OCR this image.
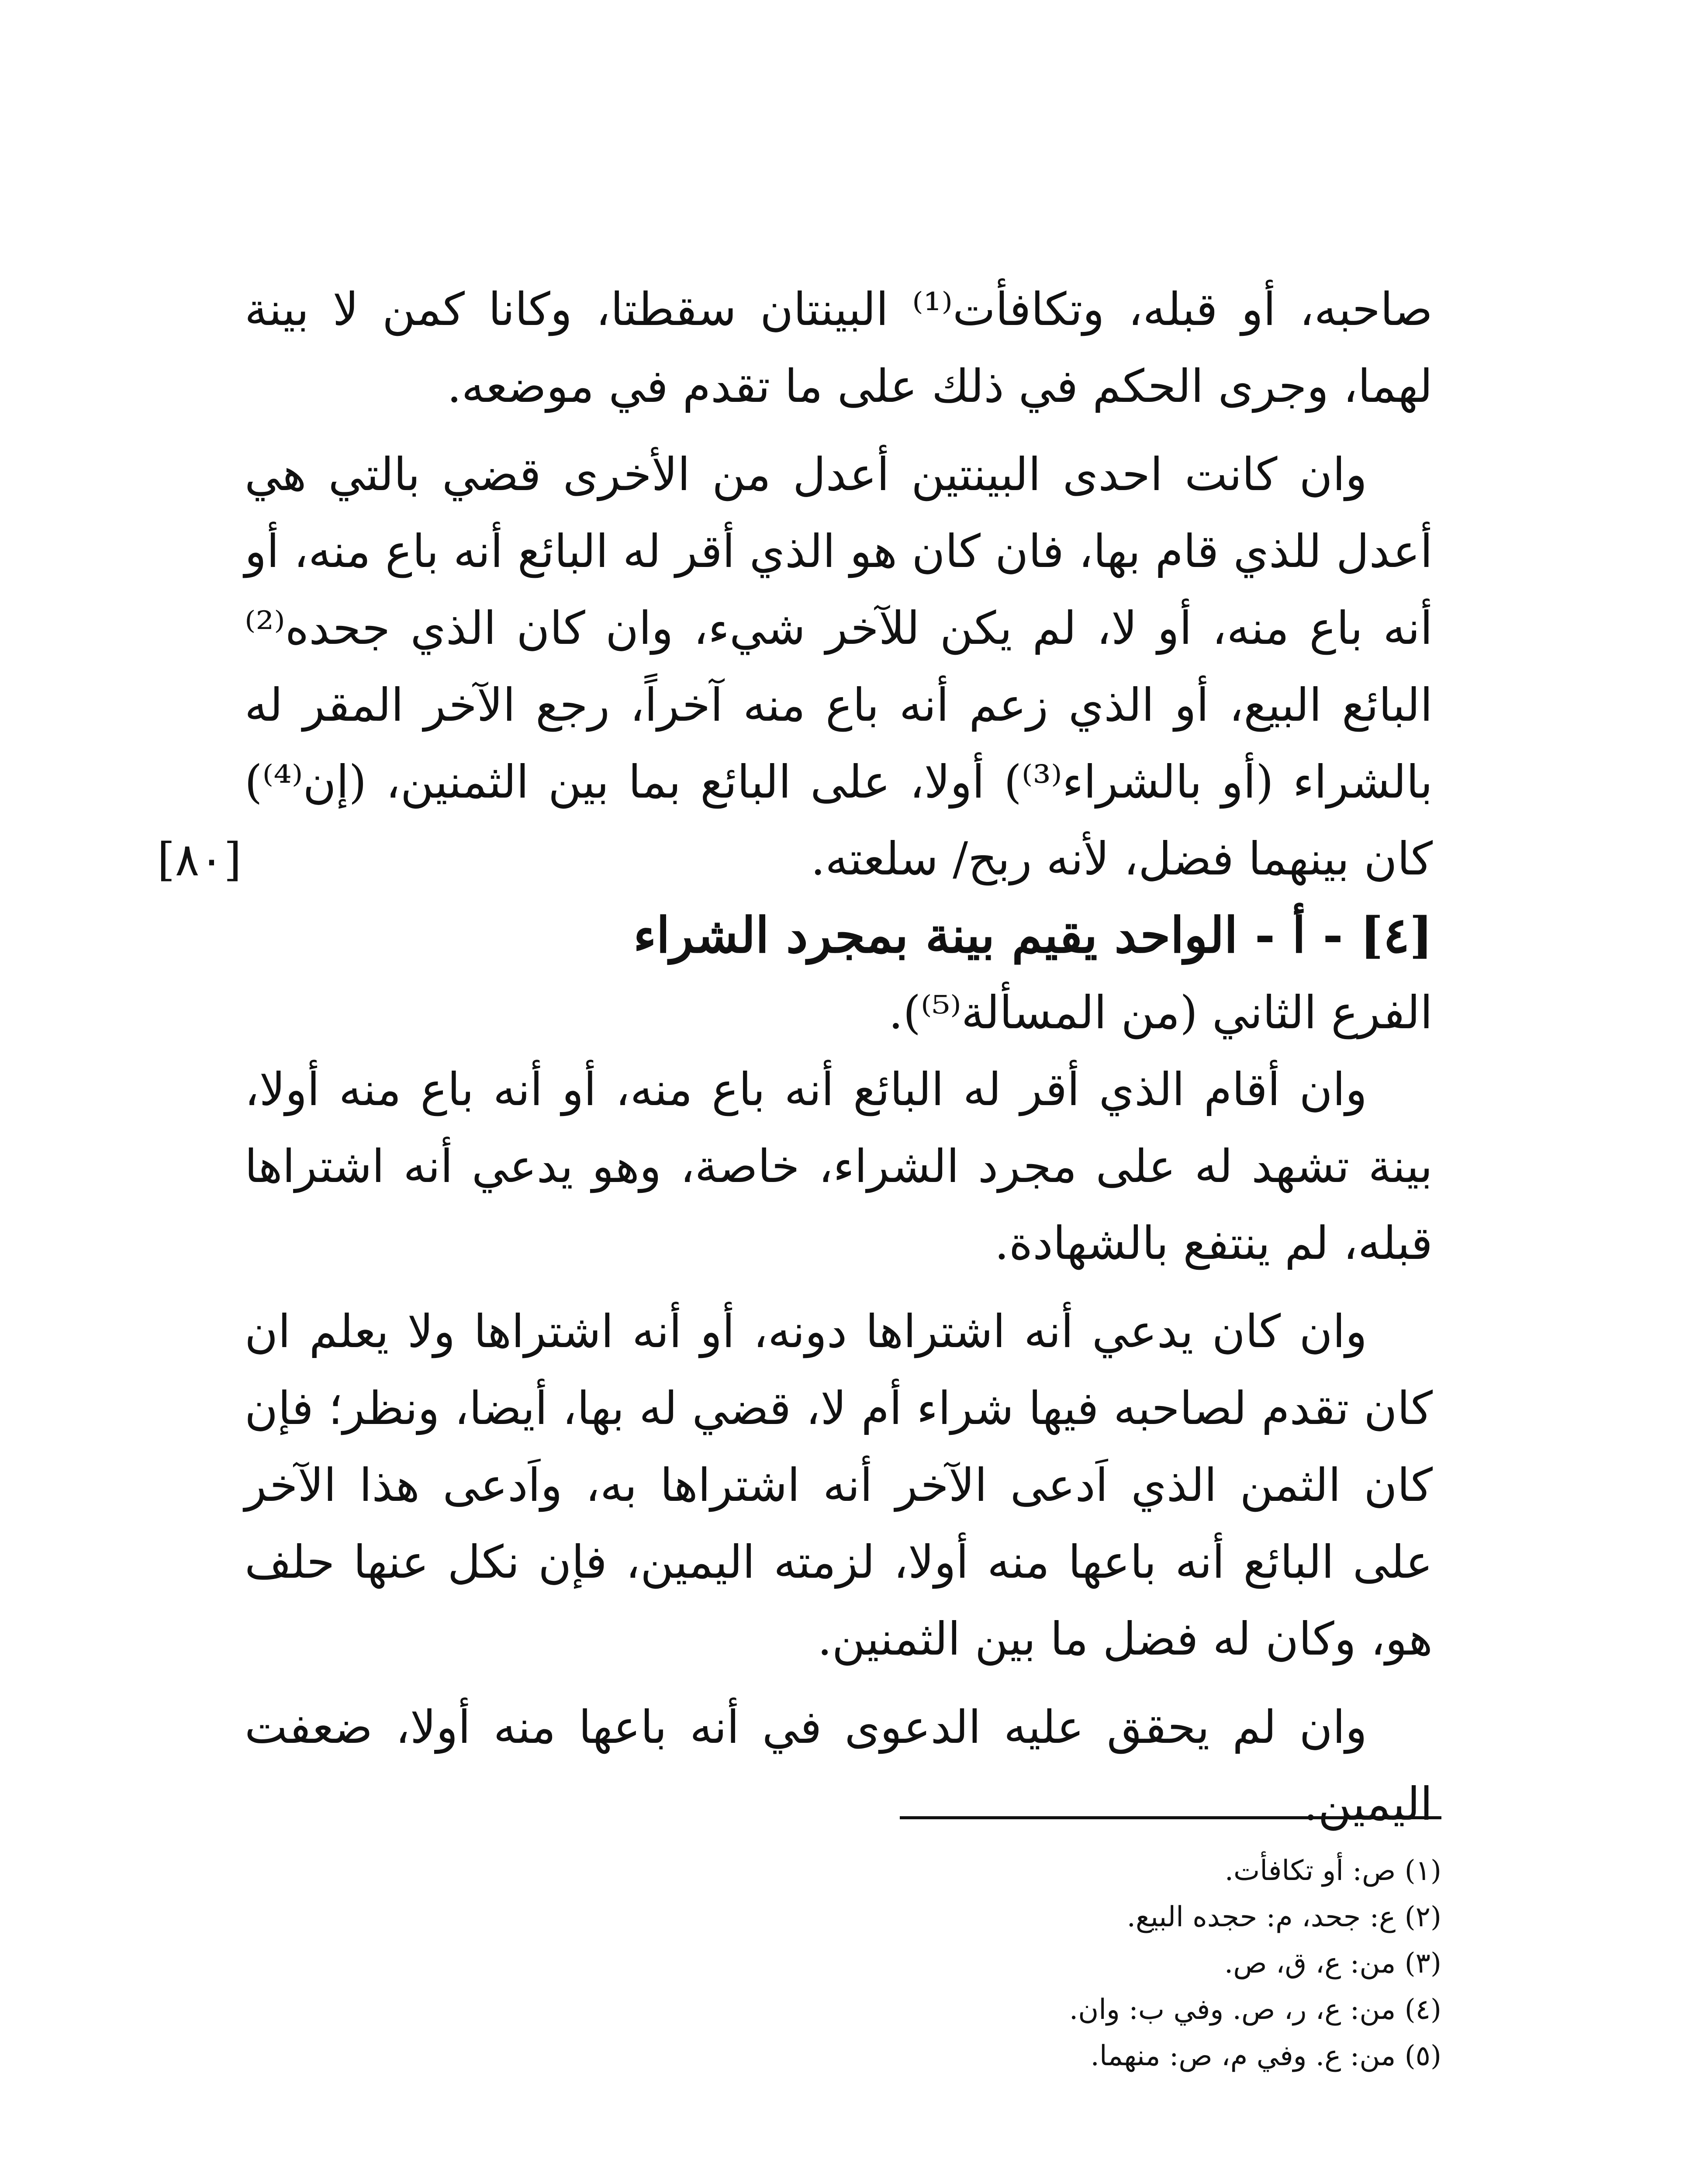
صاحبه، أو قبله، وتكافأت⁽¹⁾ البينتان سقطتا، وكانا كمن لا بينة لهما، وجرى الحكم في ذلك على ما تقدم في موضعه.

وان كانت احدى البينتين أعدل من الأخرى قضي بالتي هي أعدل للذي قام بها، فان كان هو الذي أقر له البائع أنه باع منه، أو أنه باع منه، أو لا، لم يكن للآخر شيء، وان كان الذي جحده⁽²⁾ البائع البيع، أو الذي زعم أنه باع منه آخراً، رجع الآخر المقر له بالشراء (أو بالشراء⁽³⁾) أولا، على البائع بما بين الثمنين، (إن⁽⁴⁾) كان بينهما فضل، لأنه ربح/ سلعته.

[٤] - أ - الواحد يقيم بينة بمجرد الشراء

الفرع الثاني (من المسألة⁽⁵⁾).

وان أقام الذي أقر له البائع أنه باع منه، أو أنه باع منه أولا، بينة تشهد له على مجرد الشراء، خاصة، وهو يدعي أنه اشتراها قبله، لم ينتفع بالشهادة.

وان كان يدعي أنه اشتراها دونه، أو أنه اشتراها ولا يعلم ان كان تقدم لصاحبه فيها شراء أم لا، قضي له بها، أيضا، ونظر؛ فإن كان الثمن الذي اَدعى الآخر أنه اشتراها به، واَدعى هذا الآخر على البائع أنه باعها منه أولا، لزمته اليمين، فإن نكل عنها حلف هو، وكان له فضل ما بين الثمنين.

وان لم يحقق عليه الدعوى في أنه باعها منه أولا، ضعفت اليمين.

[٨٠]

(١) ص: أو تكافأت.

(٢) ع: جحد، م: حجده البيع.

(٣) من: ع، ق، ص.

(٤) من: ع، ر، ص. وفي ب: وان.

(٥) من: ع. وفي م، ص: منهما.
